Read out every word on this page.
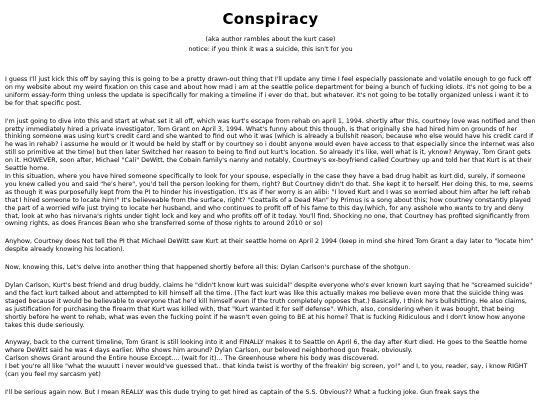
Conspiracy

(aka author rambles about the kurt case)

notice: if you think it was a suicide, this isn't for you

I guess I'll just kick this off by saying this is going to be a pretty drawn-out thing that I'll update any time I feel especially passionate and volatile enough to go fuck off on my website about my weird fixation on this case and about how mad i am at the seattle police department for being a bunch of fucking idiots. it's not going to be a uniform essay-form thing unless the update is specifically for making a timeline if i ever do that, but whatever. it's not going to be totally organized unless i want it to be for that specific post.

I'm just going to dive into this and start at what set it all off, which was kurt's escape from rehab on april 1, 1994. shortly after this, courtney love was notified and then pretty immediately hired a private investigator, Tom Grant on April 3, 1994. What's funny about this though, is that originally she had hired him on grounds of her thinking someone was using kurt's credit card and she wanted to find out who it was (which is already a bullshit reason, because who else would have his credit card if he was in rehab? i assume he would or it would be held by staff or by courtney so i doubt anyone would even have access to that especially since the internet was also still so primitive at the time) but then later Switched her reason to being to find out kurt's location. So already it's like, well what is it, yknow? Anyway, Tom Grant gets on it. HOWEVER, soon after, Michael "Cali" DeWitt, the Cobain family's nanny and notably, Courtney's ex-boyfriend called Courtney up and told her that Kurt is at their Seattle home.

In this situation, where you have hired someone specifically to look for your spouse, especially in the case they have a bad drug habit as kurt did, surely, if someone you knew called you and said "he's here", you'd tell the person looking for them, right? But Courtney didn't do that. She kept it to herself. Her doing this, to me, seems as though it was purposefully kept from the PI to hinder his investigation. It's as if her worry is an alibi: "I loved Kurt and I was so worried about him after he left rehab that I hired someone to locate him!" It's believeable from the surface, right? "Coattails of a Dead Man" by Primus is a song about this; how courtney constantly played the part of a worried wife just trying to locate her husband, and who continues to profit off of his fame to this day.(which, for any asshole who wants to try and deny that, look at who has nirvana's rights under tight lock and key and who profits off of it today. You'll find, Shocking no one, that Courtney has profited significantly from owning rights, as does Frances Bean who she transferred some of those rights to around 2010 or so)

Anyhow, Courtney does Not tell the PI that Michael DeWitt saw Kurt at their seattle home on April 2 1994 (keep in mind she hired Tom Grant a day later to "locate him" despite already knowing his location).

Now, knowing this, Let's delve into another thing that happened shortly before all this: Dylan Carlson's purchase of the shotgun.

Dylan Carlson, Kurt's best friend and drug buddy, claims he "didn't know kurt was suicidal" despite everyone who's ever known kurt saying that he "screamed suicide" and the fact kurt talked about and attempted to kill himself all the time. (The fact kurt was like this actually makes me believe even more that the suicide thing was staged because it would be believable to everyone that he'd kill himself even if the truth completely opposes that.) Basically, I think he's bullshitting. He also claims, as justification for purchasing the firearm that Kurt was killed with, that "Kurt wanted it for self defense". Which, also, considering when it was bought, that being shortly before he went to rehab, what was even the fucking point if he wasn't even going to BE at his home? That is fucking Ridiculous and I don't know how anyone takes this dude seriously.

Anyway, back to the current timeline, Tom Grant is still looking into it and FINALLY makes it to Seattle on April 6, the day after Kurt died. He goes to the Seattle home where DeWitt said he was 4 days earlier. Who shows him around? Dylan Carlson, our beloved neighborhood gun freak, obviously.
Carlson shows Grant around the Entire house Except.... (wait for it)... The Greenhouse where his body was discovered.
I bet you're all like "what the wuuutt i never would've guessed that.. that kinda twist is worthy of the freakin' big screen, yo!" and I, to you, reader, say, i know RIGHT (can you feel my sarcasm yet)

I'll be serious again now. But I mean REALLY was this dude trying to get hired as captain of the S.S. Obvious?? What a fucking joke. Gun freak says the
